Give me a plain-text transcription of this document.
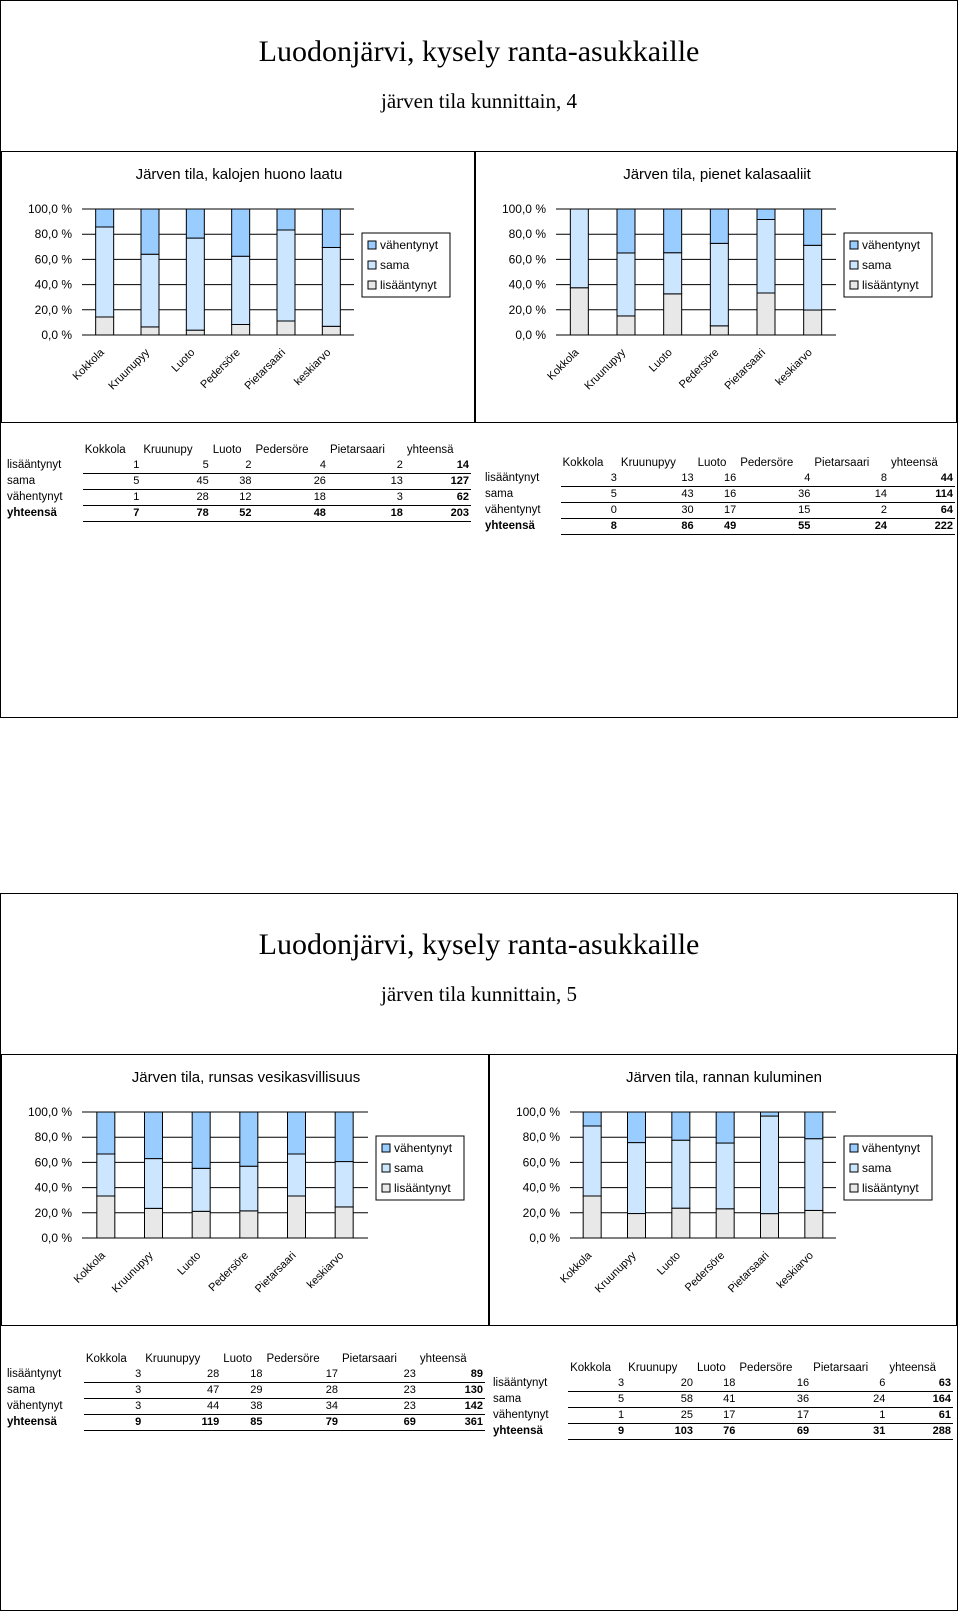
Luodonjärvi, kysely ranta-asukkaille
järven tila kunnittain, 4
Järven tila, kalojen huono laatu
100,0 %
80,0 %
60,0 %
40,0 %
20,0 %
0,0 %
Kokkola Kruunupyy Luoto Pedersöre Pietarsaari keskiarvo
vähentynyt
sama
lisääntynyt
Järven tila, pienet kalasaaliit
100,0 %
80,0 %
60,0 %
40,0 %
20,0 %
0,0 %
Kokkola Kruunupyy Luoto Pedersöre Pietarsaari keskiarvo
vähentynyt
sama
lisääntynyt
	Kokkola	Kruunupy	Luoto	Pedersöre	Pietarsaari	yhteensä
lisääntynyt	1	5	2	4	2	14
sama	5	45	38	26	13	127
vähentynyt	1	28	12	18	3	62
yhteensä	7	78	52	48	18	203
	Kokkola	Kruunupyy	Luoto	Pedersöre	Pietarsaari	yhteensä
lisääntynyt	3	13	16	4	8	44
sama	5	43	16	36	14	114
vähentynyt	0	30	17	15	2	64
yhteensä	8	86	49	55	24	222
Luodonjärvi, kysely ranta-asukkaille
järven tila kunnittain, 5
Järven tila, runsas vesikasvillisuus
100,0 %
80,0 %
60,0 %
40,0 %
20,0 %
0,0 %
Kokkola Kruunupyy Luoto Pedersöre Pietarsaari keskiarvo
vähentynyt
sama
lisääntynyt
Järven tila, rannan kuluminen
100,0 %
80,0 %
60,0 %
40,0 %
20,0 %
0,0 %
Kokkola
Kruunupyy Luoto Pedersöre
Pietarsaari keskiarvo
vähentynyt
sama
lisääntynyt
	Kokkola	Kruunupyy	Luoto	Pedersöre	Pietarsaari	yhteensä
lisääntynyt	3	28	18	17	23	89
sama	3	47	29	28	23	130
vähentynyt	3	44	38	34	23	142
yhteensä	9	119	85	79	69	361
	Kokkola	Kruunupy	Luoto	Pedersöre	Pietarsaari	yhteensä
lisääntynyt	3	20	18	16	6	63
sama	5	58	41	36	24	164
vähentynyt	1	25	17	17	1	61
yhteensä	9	103	76	69	31	288
